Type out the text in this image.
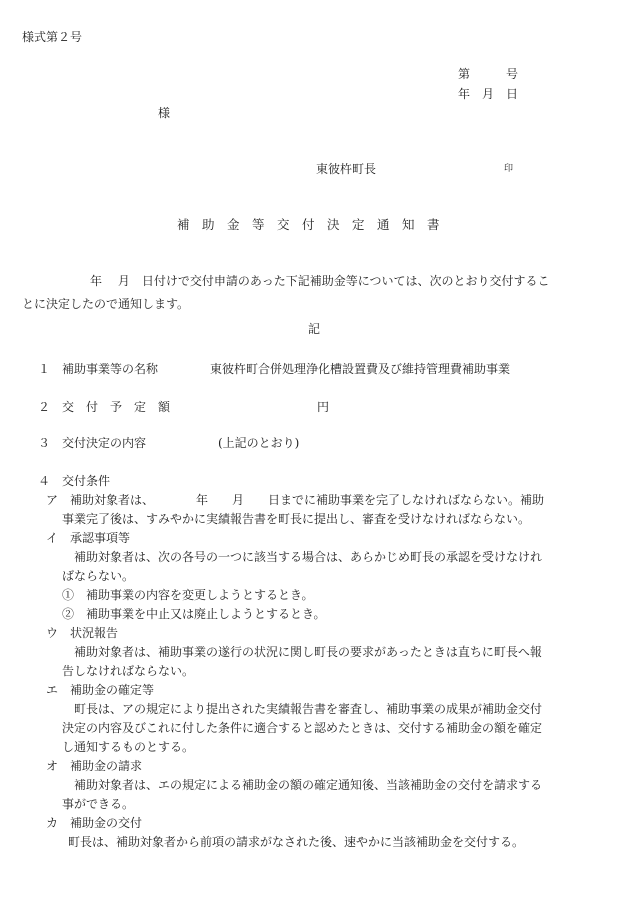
様式第２号
第　　　号
年　月　日
様
東彼杵町長	印
補　助　金　等　交　付　決　定　通　知　書
年　 月　日付けで交付申請のあった下記補助金等については、次のとおり交付するこ
とに決定したので通知します。
記
１　補助事業等の名称	東彼杵町合併処理浄化槽設置費及び維持管理費補助事業
２　交　付　予　定　額	円
３　交付決定の内容	(上記のとおり)
４　交付条件
ア　補助対象者は、　　　　年　　月　　日までに補助事業を完了しなければならない。補助
事業完了後は、すみやかに実績報告書を町長に提出し、審査を受けなければならない。
イ　承認事項等
補助対象者は、次の各号の一つに該当する場合は、あらかじめ町長の承認を受けなけれ
ばならない。
①　補助事業の内容を変更しようとするとき。
②　補助事業を中止又は廃止しようとするとき。
ウ　状況報告
補助対象者は、補助事業の遂行の状況に関し町長の要求があったときは直ちに町長へ報
告しなければならない。
エ　補助金の確定等
町長は、アの規定により提出された実績報告書を審査し、補助事業の成果が補助金交付
決定の内容及びこれに付した条件に適合すると認めたときは、交付する補助金の額を確定
し通知するものとする。
オ　補助金の請求
補助対象者は、エの規定による補助金の額の確定通知後、当該補助金の交付を請求する
事ができる。
カ　補助金の交付
町長は、補助対象者から前項の請求がなされた後、速やかに当該補助金を交付する。
